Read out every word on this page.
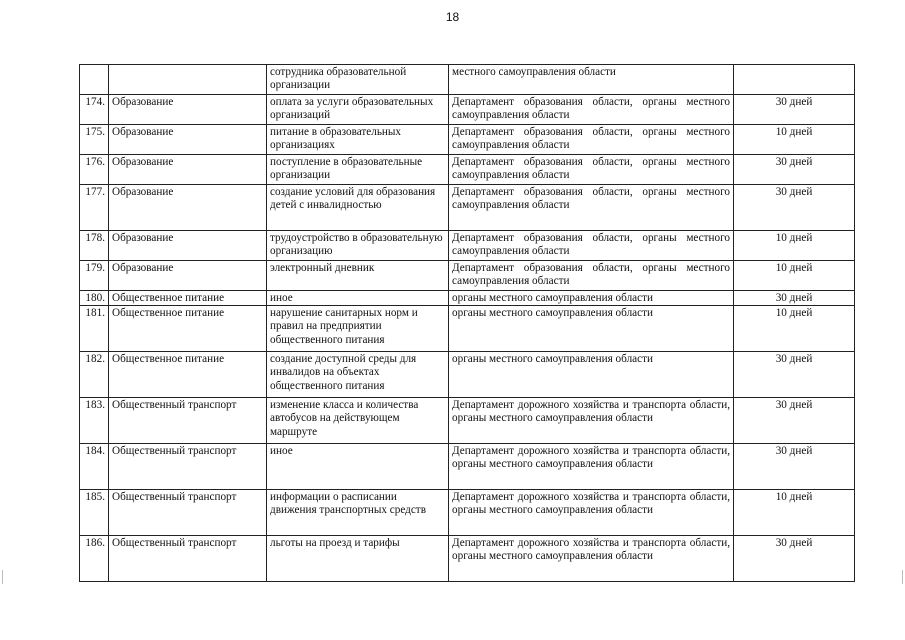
18
		сотрудника образовательной организации	местного самоуправления области	
174.	Образование	оплата за услуги образовательных организаций	Департамент образования области, органы местного самоуправления области	30 дней
175.	Образование	питание в образовательных организациях	Департамент образования области, органы местного самоуправления области	10 дней
176.	Образование	поступление в образовательные организации	Департамент образования области, органы местного самоуправления области	30 дней
177.	Образование	создание условий для образования детей с инвалидностью	Департамент образования области, органы местного самоуправления области	30 дней
178.	Образование	трудоустройство в образовательную организацию	Департамент образования области, органы местного самоуправления области	10 дней
179.	Образование	электронный дневник	Департамент образования области, органы местного самоуправления области	10 дней
180.	Общественное питание	иное	органы местного самоуправления области	30 дней
181.	Общественное питание	нарушение санитарных норм и правил на предприятии общественного питания	органы местного самоуправления области	10 дней
182.	Общественное питание	создание доступной среды для инвалидов на объектах общественного питания	органы местного самоуправления области	30 дней
183.	Общественный транспорт	изменение класса и количества автобусов на действующем маршруте	Департамент дорожного хозяйства и транспорта области, органы местного самоуправления области	30 дней
184.	Общественный транспорт	иное	Департамент дорожного хозяйства и транспорта области, органы местного самоуправления области	30 дней
185.	Общественный транспорт	информации о расписании движения транспортных средств	Департамент дорожного хозяйства и транспорта области, органы местного самоуправления области	10 дней
186.	Общественный транспорт	льготы на проезд и тарифы	Департамент дорожного хозяйства и транспорта области, органы местного самоуправления области	30 дней
